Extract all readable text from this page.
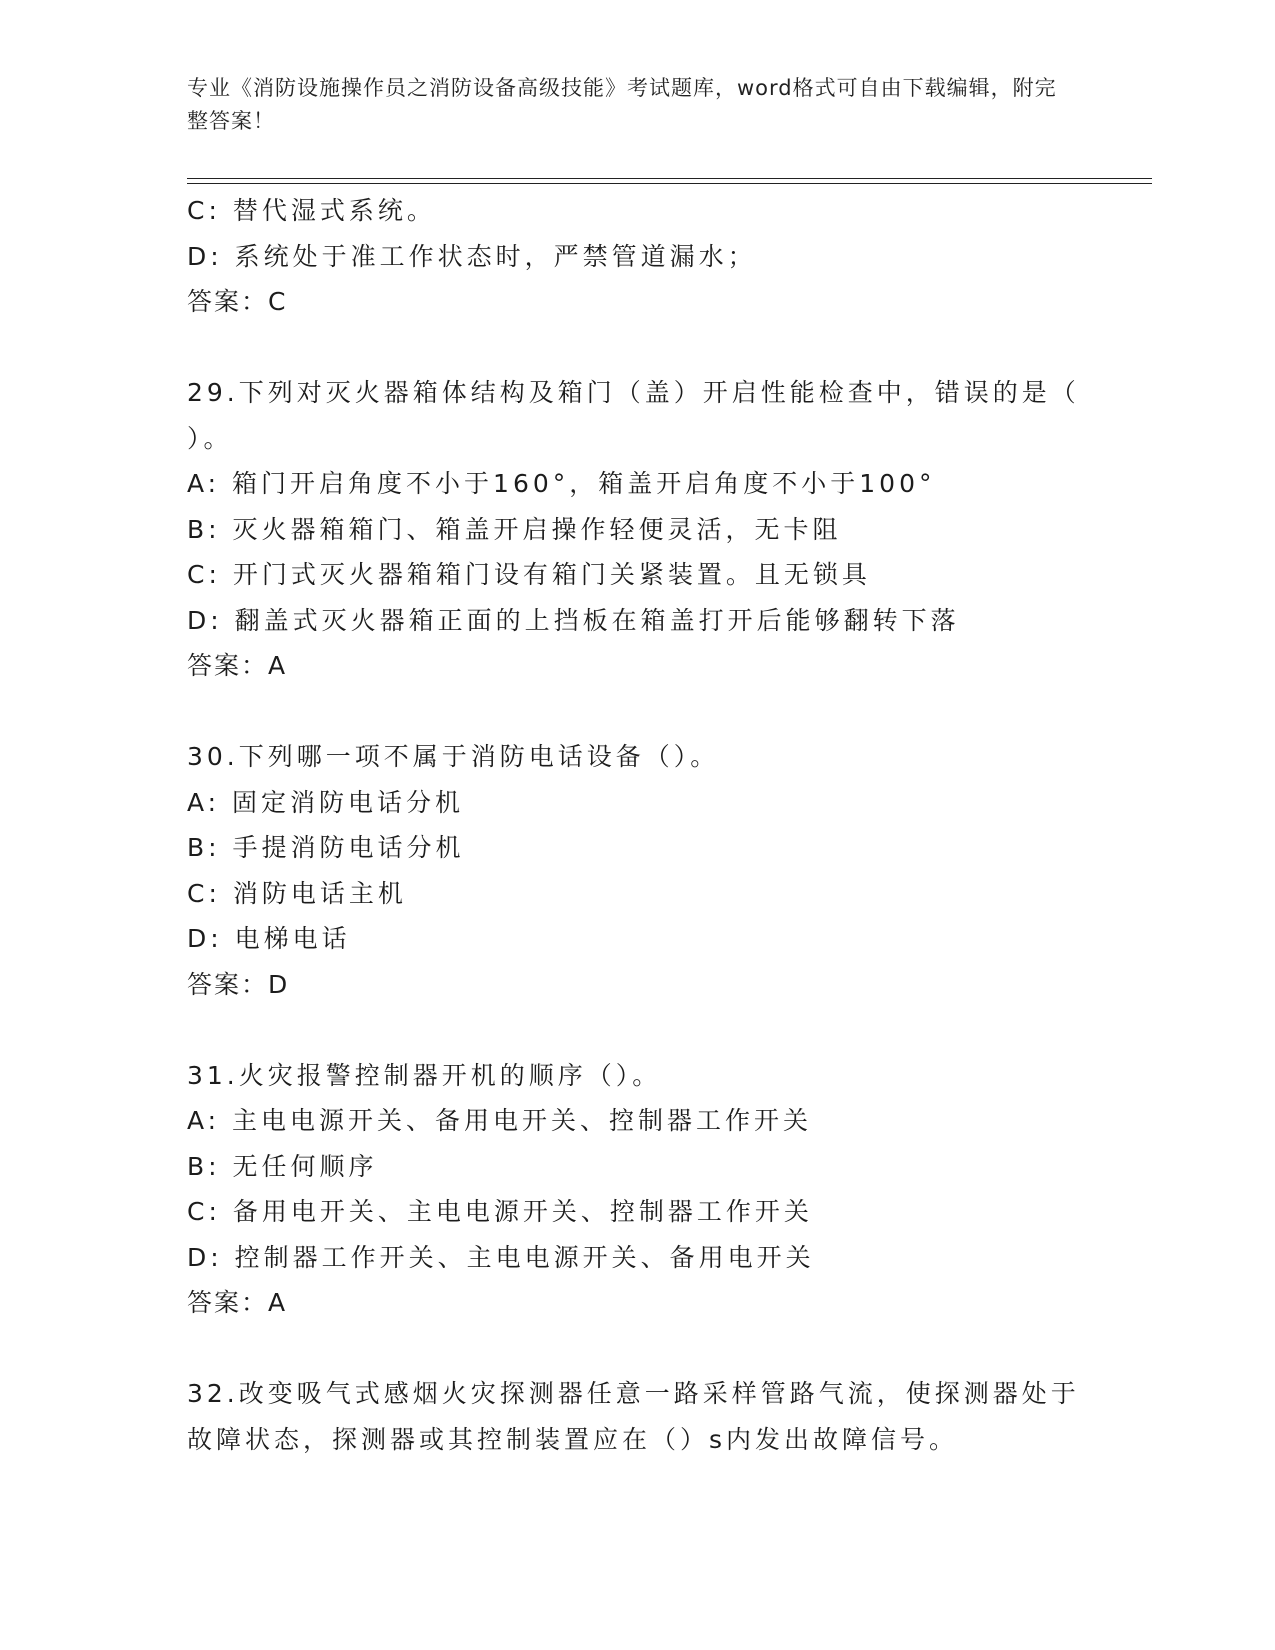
专业《消防设施操作员之消防设备高级技能》考试题库，word格式可自由下载编辑，附完整答案！
C: 替代湿式系统。
D: 系统处于准工作状态时，严禁管道漏水；
答案：C
29.下列对灭火器箱体结构及箱门（盖）开启性能检查中，错误的是（
）。
A: 箱门开启角度不小于160°，箱盖开启角度不小于100°
B: 灭火器箱箱门、箱盖开启操作轻便灵活，无卡阻
C: 开门式灭火器箱箱门设有箱门关紧装置。且无锁具
D: 翻盖式灭火器箱正面的上挡板在箱盖打开后能够翻转下落
答案：A
30.下列哪一项不属于消防电话设备（）。
A: 固定消防电话分机
B: 手提消防电话分机
C: 消防电话主机
D: 电梯电话
答案：D
31.火灾报警控制器开机的顺序（）。
A: 主电电源开关、备用电开关、控制器工作开关
B: 无任何顺序
C: 备用电开关、主电电源开关、控制器工作开关
D: 控制器工作开关、主电电源开关、备用电开关
答案：A
32.改变吸气式感烟火灾探测器任意一路采样管路气流，使探测器处于
故障状态，探测器或其控制装置应在（）s内发出故障信号。
